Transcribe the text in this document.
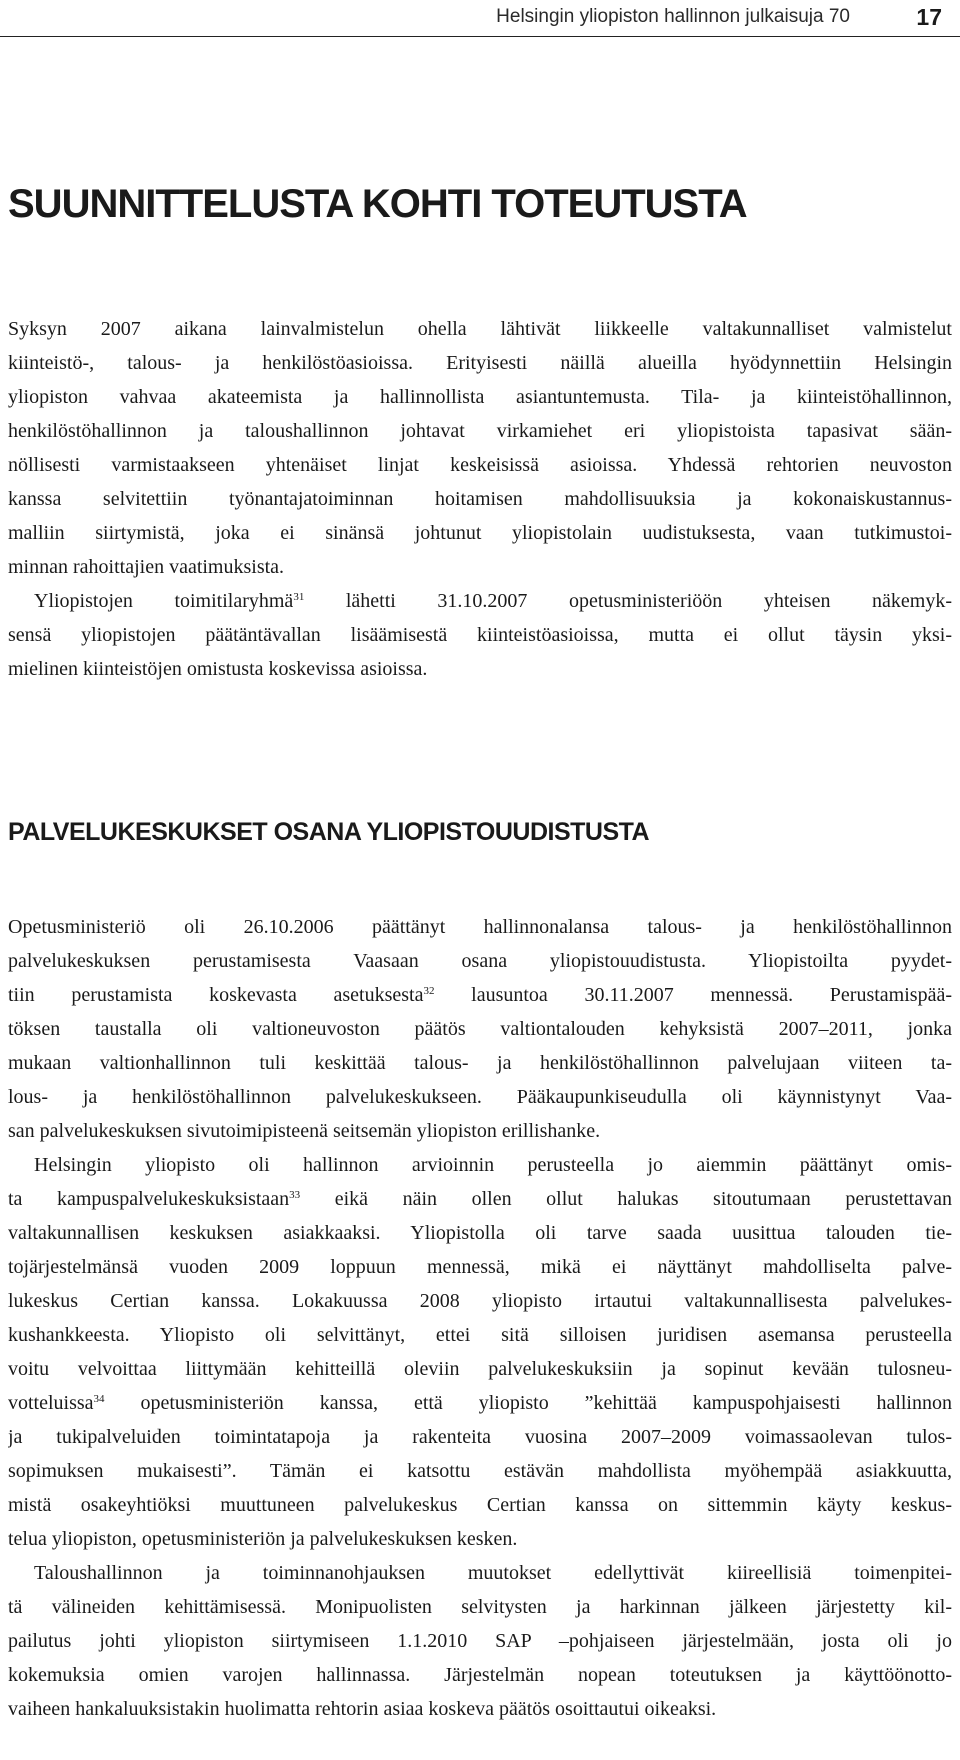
Helsingin yliopiston hallinnon julkaisuja 70	17
SUUNNITTELUSTA KOHTI TOTEUTUSTA
Syksyn 2007 aikana lainvalmistelun ohella lähtivät liikkeelle valtakunnalliset valmistelut
kiinteistö-, talous- ja henkilöstöasioissa. Erityisesti näillä alueilla hyödynnettiin Helsingin
yliopiston vahvaa akateemista ja hallinnollista asiantuntemusta. Tila- ja kiinteistöhallinnon,
henkilöstöhallinnon ja taloushallinnon johtavat virkamiehet eri yliopistoista tapasivat sään-
nöllisesti varmistaakseen yhtenäiset linjat keskeisissä asioissa. Yhdessä rehtorien neuvoston
kanssa selvitettiin työnantajatoiminnan hoitamisen mahdollisuuksia ja kokonaiskustannus-
malliin siirtymistä, joka ei sinänsä johtunut yliopistolain uudistuksesta, vaan tutkimustoi-
minnan rahoittajien vaatimuksista.
Yliopistojen toimitilaryhmä$^{31}$ lähetti 31.10.2007 opetusministeriöön yhteisen näkemyk-
sensä yliopistojen päätäntävallan lisäämisestä kiinteistöasioissa, mutta ei ollut täysin yksi-
mielinen kiinteistöjen omistusta koskevissa asioissa.
PALVELUKESKUKSET OSANA YLIOPISTOUUDISTUSTA
Opetusministeriö oli 26.10.2006 päättänyt hallinnonalansa talous- ja henkilöstöhallinnon
palvelukeskuksen perustamisesta Vaasaan osana yliopistouudistusta. Yliopistoilta pyydet-
tiin perustamista koskevasta asetuksesta$^{32}$ lausuntoa 30.11.2007 mennessä. Perustamispää-
töksen taustalla oli valtioneuvoston päätös valtiontalouden kehyksistä 2007–2011, jonka
mukaan valtionhallinnon tuli keskittää talous- ja henkilöstöhallinnon palvelujaan viiteen ta-
lous- ja henkilöstöhallinnon palvelukeskukseen. Pääkaupunkiseudulla oli käynnistynyt Vaa-
san palvelukeskuksen sivutoimipisteenä seitsemän yliopiston erillishanke.
Helsingin yliopisto oli hallinnon arvioinnin perusteella jo aiemmin päättänyt omis-
ta kampuspalvelukeskuksistaan$^{33}$ eikä näin ollen ollut halukas sitoutumaan perustettavan
valtakunnallisen keskuksen asiakkaaksi. Yliopistolla oli tarve saada uusittua talouden tie-
tojärjestelmänsä vuoden 2009 loppuun mennessä, mikä ei näyttänyt mahdolliselta palve-
lukeskus Certian kanssa. Lokakuussa 2008 yliopisto irtautui valtakunnallisesta palvelukes-
kushankkeesta. Yliopisto oli selvittänyt, ettei sitä silloisen juridisen asemansa perusteella
voitu velvoittaa liittymään kehitteillä oleviin palvelukeskuksiin ja sopinut kevään tulosneu-
votteluissa$^{34}$ opetusministeriön kanssa, että yliopisto ”kehittää kampuspohjaisesti hallinnon
ja tukipalveluiden toimintatapoja ja rakenteita vuosina 2007–2009 voimassaolevan tulos-
sopimuksen mukaisesti”. Tämän ei katsottu estävän mahdollista myöhempää asiakkuutta,
mistä osakeyhtiöksi muuttuneen palvelukeskus Certian kanssa on sittemmin käyty keskus-
telua yliopiston, opetusministeriön ja palvelukeskuksen kesken.
Taloushallinnon ja toiminnanohjauksen muutokset edellyttivät kiireellisiä toimenpitei-
tä välineiden kehittämisessä. Monipuolisten selvitysten ja harkinnan jälkeen järjestetty kil-
pailutus johti yliopiston siirtymiseen 1.1.2010 SAP –pohjaiseen järjestelmään, josta oli jo
kokemuksia omien varojen hallinnassa. Järjestelmän nopean toteutuksen ja käyttöönotto-
vaiheen hankaluuksistakin huolimatta rehtorin asiaa koskeva päätös osoittautui oikeaksi.
